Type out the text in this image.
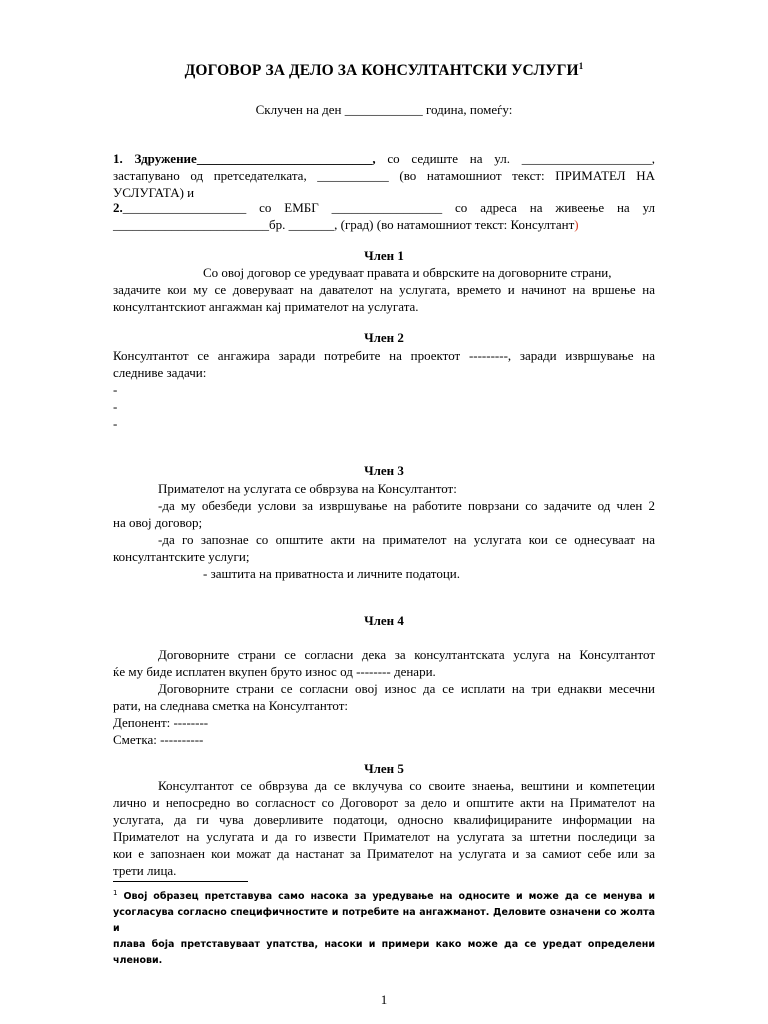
ДОГОВОР ЗА ДЕЛО ЗА КОНСУЛТАНТСКИ УСЛУГИ$^1$
Склучен на ден ____________ година, помеѓу:
1. Здружение___________________________, со седиште на ул. ____________________,
застапувано од претседателката, ___________ (во натамошниот текст: ПРИМАТЕЛ НА
УСЛУГАТА) и
2.___________________ со ЕМБГ _________________ со адреса на живеење на ул
________________________бр. _______, (град) (во натамошниот текст: Консултант)
Член 1
Со овој договор се уредуваат правата и обврските на договорните страни,
задачите кои му се доверуваат на давателот на услугата, времето и начинот на вршење на
консултантскиот ангажман кај примателот на услугата.
Член 2
Консултантот се ангажира заради потребите на проектот ---------, заради извршување на
следниве задачи:
-
-
-
Член 3
Примателот на услугата се обврзува на Консултантот:
-да му обезбеди услови за извршување на работите поврзани со задачите од член 2
на овој договор;
-да го запознае со општите акти на примателот на услугата кои се однесуваат на
консултантските услуги;
- заштита на приватноста и личните податоци.
Член 4
Договорните страни се согласни дека за консултантската услуга на Консултантот
ќе му биде исплатен вкупен бруто износ од -------- денари.
Договорните страни се согласни овој износ да се исплати на три еднакви месечни
рати, на следнава сметка на Консултантот:
Депонент: --------
Сметка: ----------
Член 5
Консултантот се обврзува да се вклучува со своите знаења, вештини и компетеции
лично и непосредно во согласност со Договорот за дело и општите акти на Примателот на
услугата, да ги чува доверливите податоци, односно квалифицираните информации на
Примателот на услугата и да го извести Примателот на услугата за штетни последици за
кои е запознаен кои можат да настанат за Примателот на услугата и за самиот себе или за
трети лица.
$^1$ Овој образец претставува само насока за уредување на односите и може да се менува и
усогласува согласно специфичностите и потребите на ангажманот. Деловите означени со жолта и
плава боја претставуваат упатства, насоки и примери како може да се уредат определени членови.
1
